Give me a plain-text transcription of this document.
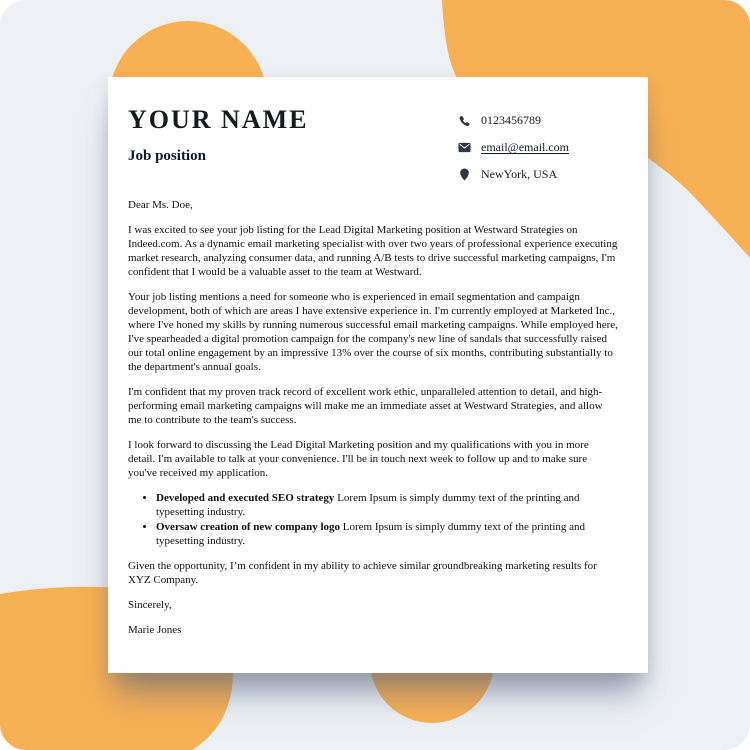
YOUR NAME
Job position
0123456789
email@email.com
NewYork, USA

Dear Ms. Doe,

I was excited to see your job listing for the Lead Digital Marketing position at Westward Strategies on Indeed.com. As a dynamic email marketing specialist with over two years of professional experience executing market research, analyzing consumer data, and running A/B tests to drive successful marketing campaigns, I'm confident that I would be a valuable asset to the team at Westward.

Your job listing mentions a need for someone who is experienced in email segmentation and campaign development, both of which are areas I have extensive experience in. I'm currently employed at Marketed Inc., where I've honed my skills by running numerous successful email marketing campaigns. While employed here, I've spearheaded a digital promotion campaign for the company's new line of sandals that successfully raised our total online engagement by an impressive 13% over the course of six months, contributing substantially to the department's annual goals.

I'm confident that my proven track record of excellent work ethic, unparalleled attention to detail, and high-performing email marketing campaigns will make me an immediate asset at Westward Strategies, and allow me to contribute to the team's success.

I look forward to discussing the Lead Digital Marketing position and my qualifications with you in more detail. I'm available to talk at your convenience. I'll be in touch next week to follow up and to make sure you've received my application.

• Developed and executed SEO strategy Lorem Ipsum is simply dummy text of the printing and typesetting industry.
• Oversaw creation of new company logo Lorem Ipsum is simply dummy text of the printing and typesetting industry.

Given the opportunity, I’m confident in my ability to achieve similar groundbreaking marketing results for XYZ Company.

Sincerely,

Marie Jones
